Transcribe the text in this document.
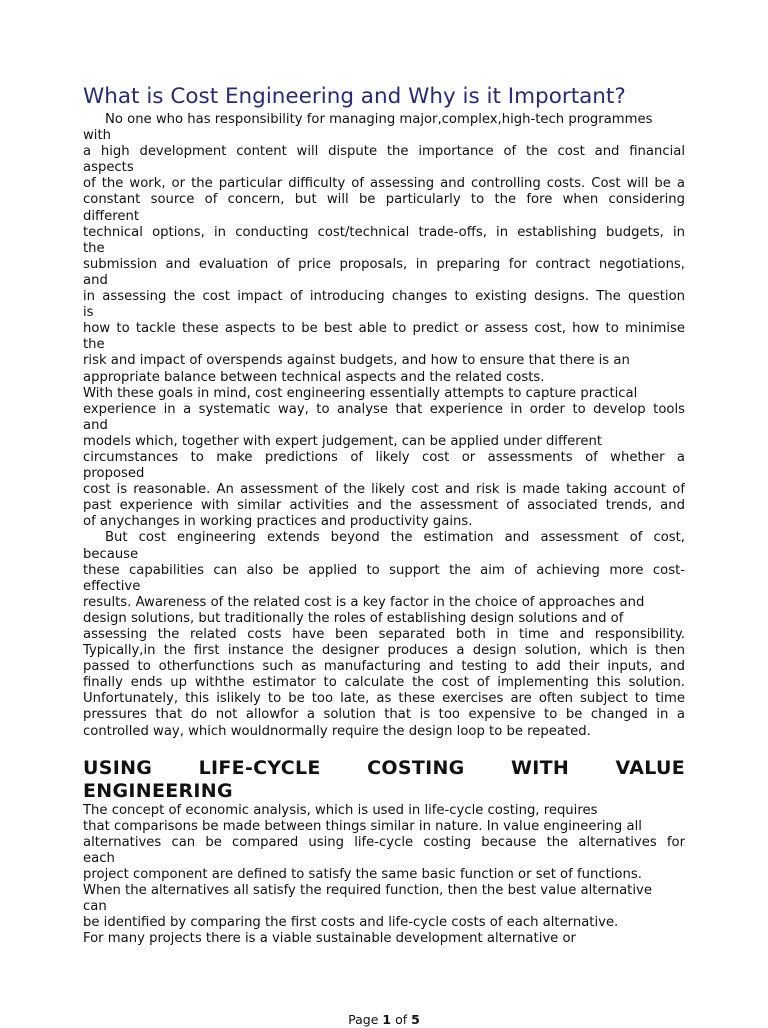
What is Cost Engineering and Why is it Important?
No one who has responsibility for managing major,complex,high-tech programmes
with
a high development content will dispute the importance of the cost and financial
aspects
of the work, or the particular difficulty of assessing and controlling costs. Cost will be a
constant source of concern, but will be particularly to the fore when considering
different
technical options, in conducting cost/technical trade-offs, in establishing budgets, in
the
submission and evaluation of price proposals, in preparing for contract negotiations,
and
in assessing the cost impact of introducing changes to existing designs. The question
is
how to tackle these aspects to be best able to predict or assess cost, how to minimise
the
risk and impact of overspends against budgets, and how to ensure that there is an
appropriate balance between technical aspects and the related costs.
With these goals in mind, cost engineering essentially attempts to capture practical
experience in a systematic way, to analyse that experience in order to develop tools
and
models which, together with expert judgement, can be applied under different
circumstances to make predictions of likely cost or assessments of whether a
proposed
cost is reasonable. An assessment of the likely cost and risk is made taking account of
past experience with similar activities and the assessment of associated trends, and
of anychanges in working practices and productivity gains.
But cost engineering extends beyond the estimation and assessment of cost,
because
these capabilities can also be applied to support the aim of achieving more cost-
effective
results. Awareness of the related cost is a key factor in the choice of approaches and
design solutions, but traditionally the roles of establishing design solutions and of
assessing the related costs have been separated both in time and responsibility.
Typically,in the first instance the designer produces a design solution, which is then
passed to otherfunctions such as manufacturing and testing to add their inputs, and
finally ends up withthe estimator to calculate the cost of implementing this solution.
Unfortunately, this islikely to be too late, as these exercises are often subject to time
pressures that do not allowfor a solution that is too expensive to be changed in a
controlled way, which wouldnormally require the design loop to be repeated.
USING LIFE-CYCLE COSTING WITH VALUE
ENGINEERING
The concept of economic analysis, which is used in life-cycle costing, requires
that comparisons be made between things similar in nature. In value engineering all
alternatives can be compared using life-cycle costing because the alternatives for
each
project component are defined to satisfy the same basic function or set of functions.
When the alternatives all satisfy the required function, then the best value alternative
can
be identified by comparing the first costs and life-cycle costs of each alternative.
For many projects there is a viable sustainable development alternative or
Page 1 of 5
